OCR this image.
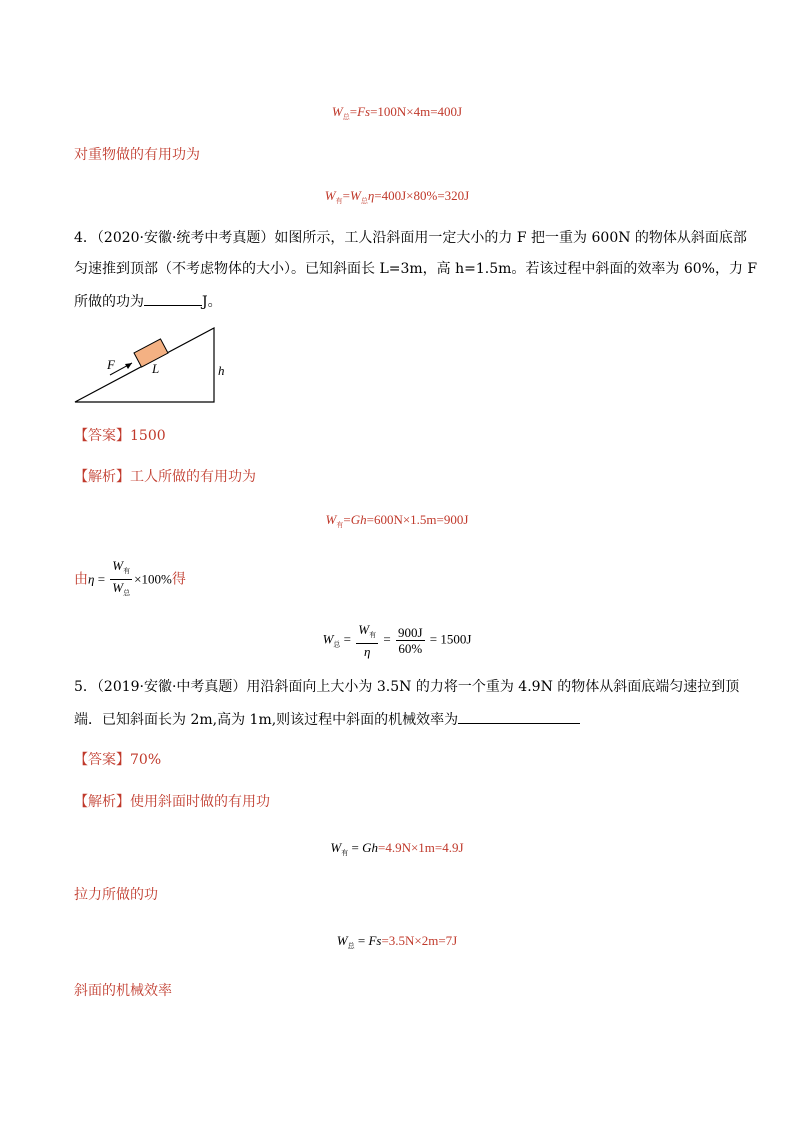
$W_总=Fs=100N\times 4m=400J$
对重物做的有用功为
$W_有=W_总\eta=400J\times 80\%=320J$
4．（2020·安徽·统考中考真题）如图所示，工人沿斜面用一定大小的力 F 把一重为 600N 的物体从斜面底部
匀速推到顶部（不考虑物体的大小）。已知斜面长 L=3m，高 h=1.5m。若该过程中斜面的效率为 60%，力 F
所做的功为	J。
F	L	h
【答案】1500
【解析】工人所做的有用功为
$W_有=Gh=600N\times 1.5m=900J$
由$\eta = \frac{W_有}{W_总} \times 100\%$得
$W_总 = \frac{W_有}{\eta} = \frac{900J}{60\%} = 1500J$
5．（2019·安徽·中考真题）用沿斜面向上大小为 3.5N 的力将一个重为 4.9N 的物体从斜面底端匀速拉到顶
端．已知斜面长为 2m,高为 1m,则该过程中斜面的机械效率为
【答案】70%
【解析】使用斜面时做的有用功
$W_有 = Gh=4.9N\times 1m=4.9J$
拉力所做的功
$W_总 = Fs=3.5N\times 2m=7J$
斜面的机械效率
